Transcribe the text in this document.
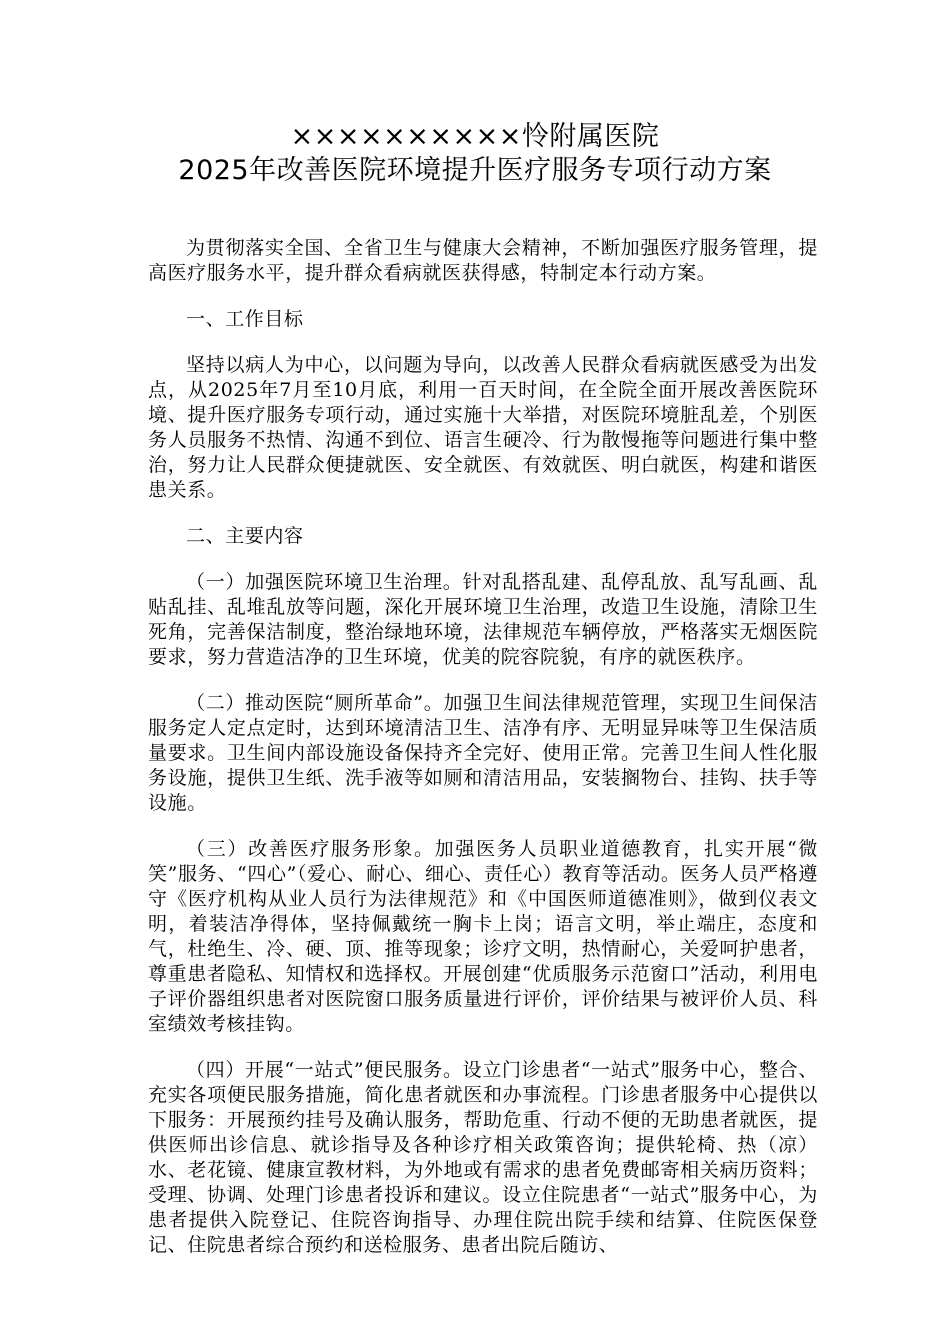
××××××××××怜附属医院
2025年改善医院环境提升医疗服务专项行动方案

为贯彻落实全国、全省卫生与健康大会精神，不断加强医疗服务管理，提高医疗服务水平，提升群众看病就医获得感，特制定本行动方案。

一、工作目标

坚持以病人为中心，以问题为导向，以改善人民群众看病就医感受为出发点，从2025年7月至10月底，利用一百天时间，在全院全面开展改善医院环境、提升医疗服务专项行动，通过实施十大举措，对医院环境脏乱差，个别医务人员服务不热情、沟通不到位、语言生硬冷、行为散慢拖等问题进行集中整治，努力让人民群众便捷就医、安全就医、有效就医、明白就医，构建和谐医患关系。

二、主要内容

（一）加强医院环境卫生治理。针对乱搭乱建、乱停乱放、乱写乱画、乱贴乱挂、乱堆乱放等问题，深化开展环境卫生治理，改造卫生设施，清除卫生死角，完善保洁制度，整治绿地环境，法律规范车辆停放，严格落实无烟医院要求，努力营造洁净的卫生环境，优美的院容院貌，有序的就医秩序。

（二）推动医院“厕所革命”。加强卫生间法律规范管理，实现卫生间保洁服务定人定点定时，达到环境清洁卫生、洁净有序、无明显异味等卫生保洁质量要求。卫生间内部设施设备保持齐全完好、使用正常。完善卫生间人性化服务设施，提供卫生纸、洗手液等如厕和清洁用品，安装搁物台、挂钩、扶手等设施。

（三）改善医疗服务形象。加强医务人员职业道德教育，扎实开展“微笑”服务、“四心”（爱心、耐心、细心、责任心）教育等活动。医务人员严格遵守《医疗机构从业人员行为法律规范》和《中国医师道德准则》，做到仪表文明，着装洁净得体，坚持佩戴统一胸卡上岗；语言文明，举止端庄，态度和气，杜绝生、冷、硬、顶、推等现象；诊疗文明，热情耐心，关爱呵护患者，尊重患者隐私、知情权和选择权。开展创建“优质服务示范窗口”活动，利用电子评价器组织患者对医院窗口服务质量进行评价，评价结果与被评价人员、科室绩效考核挂钩。

（四）开展“一站式”便民服务。设立门诊患者“一站式”服务中心，整合、充实各项便民服务措施，简化患者就医和办事流程。门诊患者服务中心提供以下服务：开展预约挂号及确认服务，帮助危重、行动不便的无助患者就医，提供医师出诊信息、就诊指导及各种诊疗相关政策咨询；提供轮椅、热（凉）水、老花镜、健康宣教材料，为外地或有需求的患者免费邮寄相关病历资料；受理、协调、处理门诊患者投诉和建议。设立住院患者“一站式”服务中心，为患者提供入院登记、住院咨询指导、办理住院出院手续和结算、住院医保登记、住院患者综合预约和送检服务、患者出院后随访、
